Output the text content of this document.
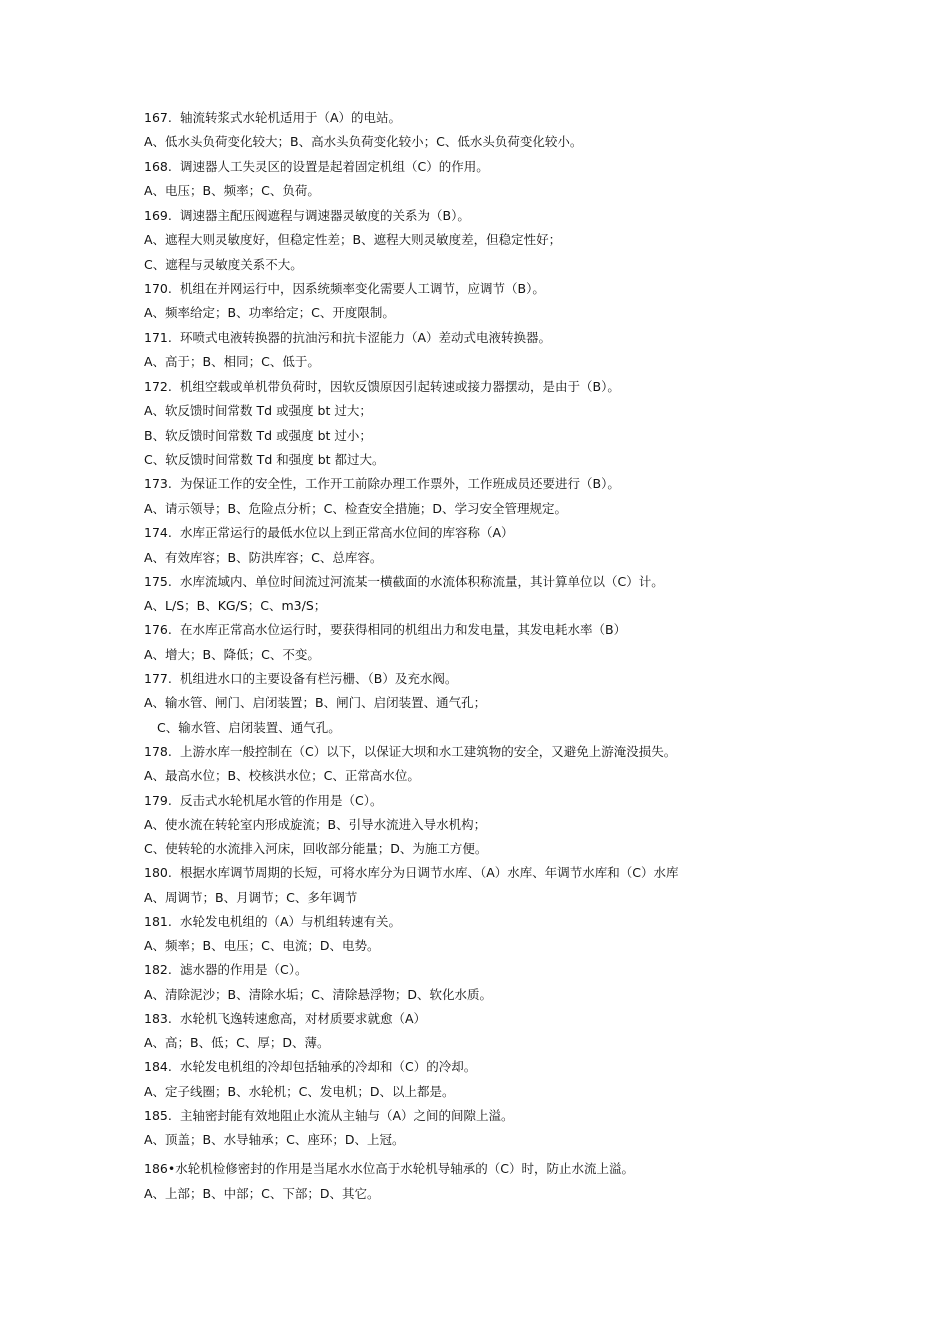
167. 轴流转浆式水轮机适用于（A）的电站。
A、低水头负荷变化较大；B、高水头负荷变化较小；C、低水头负荷变化较小。
168. 调速器人工失灵区的设置是起着固定机组（C）的作用。
A、电压；B、频率；C、负荷。
169. 调速器主配压阀遮程与调速器灵敏度的关系为（B）。
A、遮程大则灵敏度好，但稳定性差；B、遮程大则灵敏度差，但稳定性好；
C、遮程与灵敏度关系不大。
170. 机组在并网运行中，因系统频率变化需要人工调节，应调节（B）。
A、频率给定；B、功率给定；C、开度限制。
171. 环喷式电液转换器的抗油污和抗卡涩能力（A）差动式电液转换器。
A、高于；B、相同；C、低于。
172. 机组空载或单机带负荷时，因软反馈原因引起转速或接力器摆动，是由于（B）。
A、软反馈时间常数 Td 或强度 bt 过大；
B、软反馈时间常数 Td 或强度 bt 过小；
C、软反馈时间常数 Td 和强度 bt 都过大。
173. 为保证工作的安全性，工作开工前除办理工作票外，工作班成员还要进行（B）。
A、请示领导；B、危险点分析；C、检查安全措施；D、学习安全管理规定。
174. 水库正常运行的最低水位以上到正常高水位间的库容称（A）
A、有效库容；B、防洪库容；C、总库容。
175. 水库流域内、单位时间流过河流某一横截面的水流体积称流量，其计算单位以（C）计。
A、L/S；B、KG/S；C、m3/S；
176. 在水库正常高水位运行时，要获得相同的机组出力和发电量，其发电耗水率（B）
A、增大；B、降低；C、不变。
177. 机组进水口的主要设备有栏污栅、（B）及充水阀。
A、输水管、闸门、启闭装置；B、闸门、启闭装置、通气孔；
C、输水管、启闭装置、通气孔。
178. 上游水库一般控制在（C）以下，以保证大坝和水工建筑物的安全，又避免上游淹没损失。
A、最高水位；B、校核洪水位；C、正常高水位。
179. 反击式水轮机尾水管的作用是（C）。
A、使水流在转轮室内形成旋流；B、引导水流进入导水机构；
C、使转轮的水流排入河床，回收部分能量；D、为施工方便。
180. 根据水库调节周期的长短，可将水库分为日调节水库、（A）水库、年调节水库和（C）水库
A、周调节；B、月调节；C、多年调节
181. 水轮发电机组的（A）与机组转速有关。
A、频率；B、电压；C、电流；D、电势。
182. 滤水器的作用是（C）。
A、清除泥沙；B、清除水垢；C、清除悬浮物；D、软化水质。
183. 水轮机飞逸转速愈高，对材质要求就愈（A）
A、高；B、低；C、厚；D、薄。
184. 水轮发电机组的冷却包括轴承的冷却和（C）的冷却。
A、定子线圈；B、水轮机；C、发电机；D、以上都是。
185. 主轴密封能有效地阻止水流从主轴与（A）之间的间隙上溢。
A、顶盖；B、水导轴承；C、座环；D、上冠。
186•水轮机检修密封的作用是当尾水水位高于水轮机导轴承的（C）时，防止水流上溢。
A、上部；B、中部；C、下部；D、其它。
